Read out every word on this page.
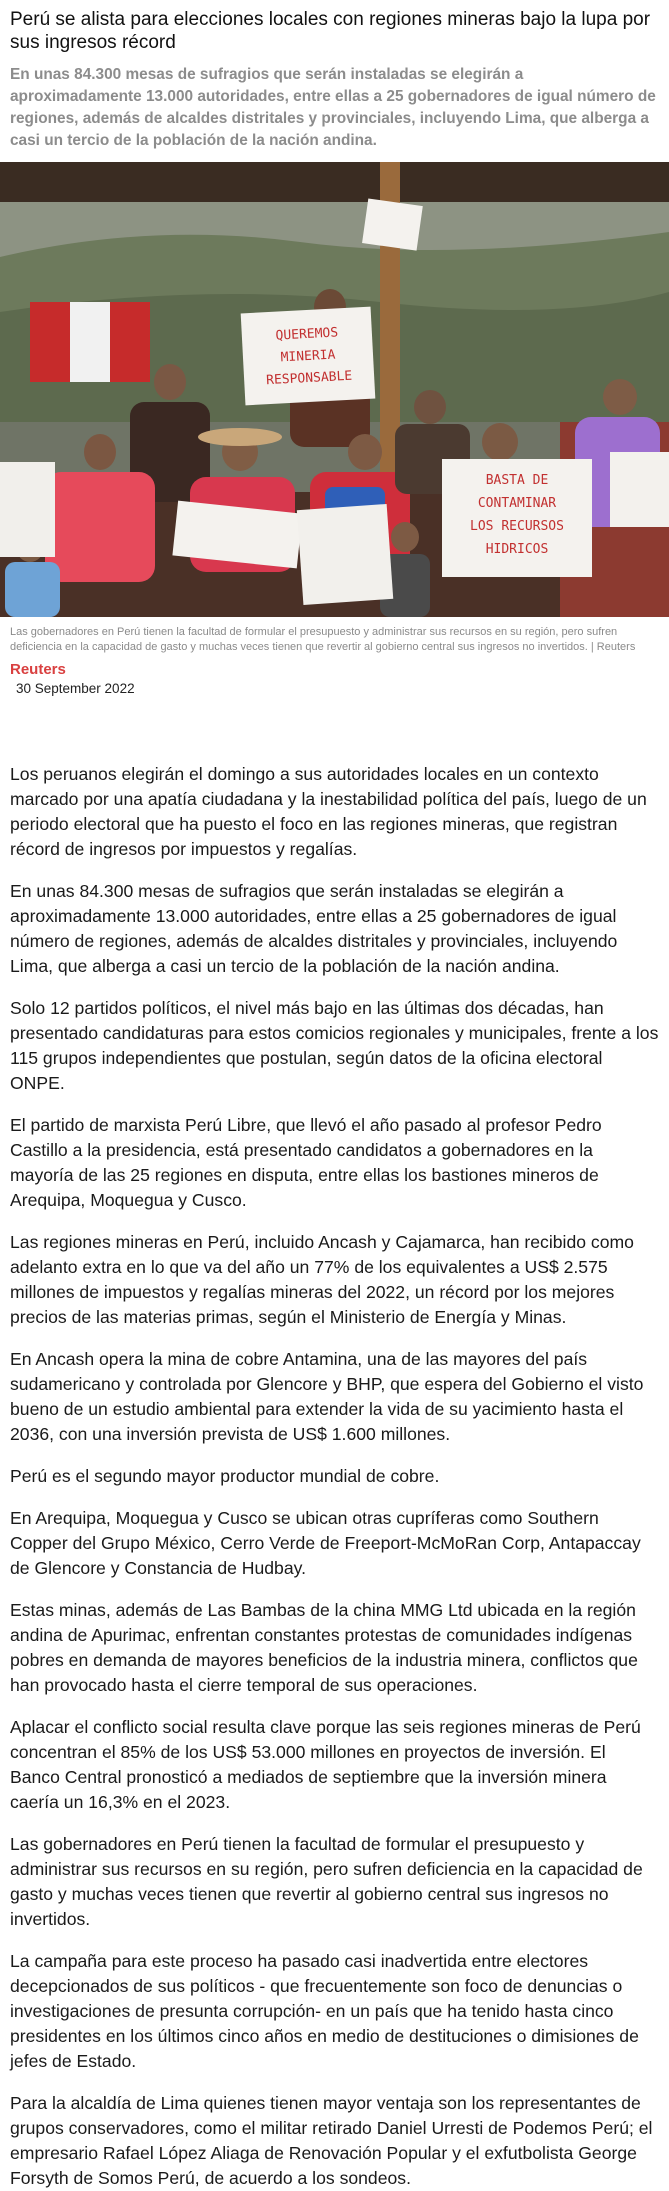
Perú se alista para elecciones locales con regiones mineras bajo la lupa por sus ingresos récord

En unas 84.300 mesas de sufragios que serán instaladas se elegirán a aproximadamente 13.000 autoridades, entre ellas a 25 gobernadores de igual número de regiones, además de alcaldes distritales y provinciales, incluyendo Lima, que alberga a casi un tercio de la población de la nación andina.

QUEREMOS
MINERIA
RESPONSABLE
BASTA DE
CONTAMINAR
LOS RECURSOS
HIDRICOS

Las gobernadores en Perú tienen la facultad de formular el presupuesto y administrar sus recursos en su región, pero sufren deficiencia en la capacidad de gasto y muchas veces tienen que revertir al gobierno central sus ingresos no invertidos. | Reuters

Reuters
30 September 2022

Los peruanos elegirán el domingo a sus autoridades locales en un contexto marcado por una apatía ciudadana y la inestabilidad política del país, luego de un periodo electoral que ha puesto el foco en las regiones mineras, que registran récord de ingresos por impuestos y regalías.

En unas 84.300 mesas de sufragios que serán instaladas se elegirán a aproximadamente 13.000 autoridades, entre ellas a 25 gobernadores de igual número de regiones, además de alcaldes distritales y provinciales, incluyendo Lima, que alberga a casi un tercio de la población de la nación andina.

Solo 12 partidos políticos, el nivel más bajo en las últimas dos décadas, han presentado candidaturas para estos comicios regionales y municipales, frente a los 115 grupos independientes que postulan, según datos de la oficina electoral ONPE.

El partido de marxista Perú Libre, que llevó el año pasado al profesor Pedro Castillo a la presidencia, está presentado candidatos a gobernadores en la mayoría de las 25 regiones en disputa, entre ellas los bastiones mineros de Arequipa, Moquegua y Cusco.

Las regiones mineras en Perú, incluido Ancash y Cajamarca, han recibido como adelanto extra en lo que va del año un 77% de los equivalentes a US$ 2.575 millones de impuestos y regalías mineras del 2022, un récord por los mejores precios de las materias primas, según el Ministerio de Energía y Minas.

En Ancash opera la mina de cobre Antamina, una de las mayores del país sudamericano y controlada por Glencore y BHP, que espera del Gobierno el visto bueno de un estudio ambiental para extender la vida de su yacimiento hasta el 2036, con una inversión prevista de US$ 1.600 millones.

Perú es el segundo mayor productor mundial de cobre.

En Arequipa, Moquegua y Cusco se ubican otras cupríferas como Southern Copper del Grupo México, Cerro Verde de Freeport-McMoRan Corp, Antapaccay de Glencore y Constancia de Hudbay.

Estas minas, además de Las Bambas de la china MMG Ltd ubicada en la región andina de Apurimac, enfrentan constantes protestas de comunidades indígenas pobres en demanda de mayores beneficios de la industria minera, conflictos que han provocado hasta el cierre temporal de sus operaciones.

Aplacar el conflicto social resulta clave porque las seis regiones mineras de Perú concentran el 85% de los US$ 53.000 millones en proyectos de inversión. El Banco Central pronosticó a mediados de septiembre que la inversión minera caería un 16,3% en el 2023.

Las gobernadores en Perú tienen la facultad de formular el presupuesto y administrar sus recursos en su región, pero sufren deficiencia en la capacidad de gasto y muchas veces tienen que revertir al gobierno central sus ingresos no invertidos.

La campaña para este proceso ha pasado casi inadvertida entre electores decepcionados de sus políticos - que frecuentemente son foco de denuncias o investigaciones de presunta corrupción- en un país que ha tenido hasta cinco presidentes en los últimos cinco años en medio de destituciones o dimisiones de jefes de Estado.

Para la alcaldía de Lima quienes tienen mayor ventaja son los representantes de grupos conservadores, como el militar retirado Daniel Urresti de Podemos Perú; el empresario Rafael López Aliaga de Renovación Popular y el exfutbolista George Forsyth de Somos Perú, de acuerdo a los sondeos.
